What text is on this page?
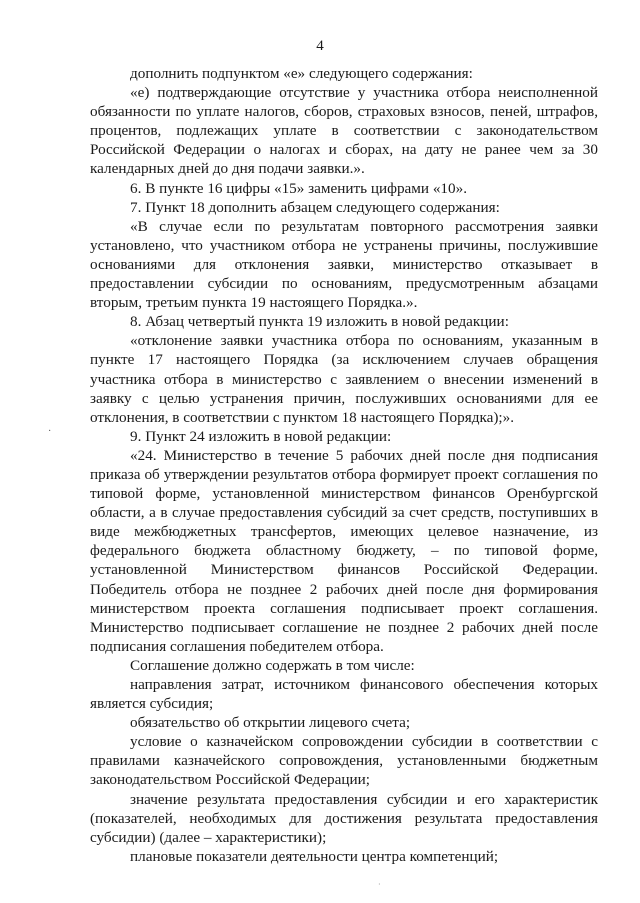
4
·
·

дополнить подпунктом «е» следующего содержания:

«е) подтверждающие отсутствие у участника отбора неисполненной обязанности по уплате налогов, сборов, страховых взносов, пеней, штрафов, процентов, подлежащих уплате в соответствии с законодательством Российской Федерации о налогах и сборах, на дату не ранее чем за 30 календарных дней до дня подачи заявки.».

6. В пункте 16 цифры «15» заменить цифрами «10».

7. Пункт 18 дополнить абзацем следующего содержания:

«В случае если по результатам повторного рассмотрения заявки установлено, что участником отбора не устранены причины, послужившие основаниями для отклонения заявки, министерство отказывает в предоставлении субсидии по основаниям, предусмотренным абзацами вторым, третьим пункта 19 настоящего Порядка.».

8. Абзац четвертый пункта 19 изложить в новой редакции:

«отклонение заявки участника отбора по основаниям, указанным в пункте 17 настоящего Порядка (за исключением случаев обращения участника отбора в министерство с заявлением о внесении изменений в заявку с целью устранения причин, послуживших основаниями для ее отклонения, в соответствии с пунктом 18 настоящего Порядка);».

9. Пункт 24 изложить в новой редакции:

«24. Министерство в течение 5 рабочих дней после дня подписания приказа об утверждении результатов отбора формирует проект соглашения по типовой форме, установленной министерством финансов Оренбургской области, а в случае предоставления субсидий за счет средств, поступивших в виде межбюджетных трансфертов, имеющих целевое назначение, из федерального бюджета областному бюджету, – по типовой форме, установленной Министерством финансов Российской Федерации. Победитель отбора не позднее 2 рабочих дней после дня формирования министерством проекта соглашения подписывает проект соглашения. Министерство подписывает соглашение не позднее 2 рабочих дней после подписания соглашения победителем отбора.

Соглашение должно содержать в том числе:

направления затрат, источником финансового обеспечения которых является субсидия;

обязательство об открытии лицевого счета;

условие о казначейском сопровождении субсидии в соответствии с правилами казначейского сопровождения, установленными бюджетным законодательством Российской Федерации;

значение результата предоставления субсидии и его характеристик (показателей, необходимых для достижения результата предоставления субсидии) (далее – характеристики);

плановые показатели деятельности центра компетенций;
